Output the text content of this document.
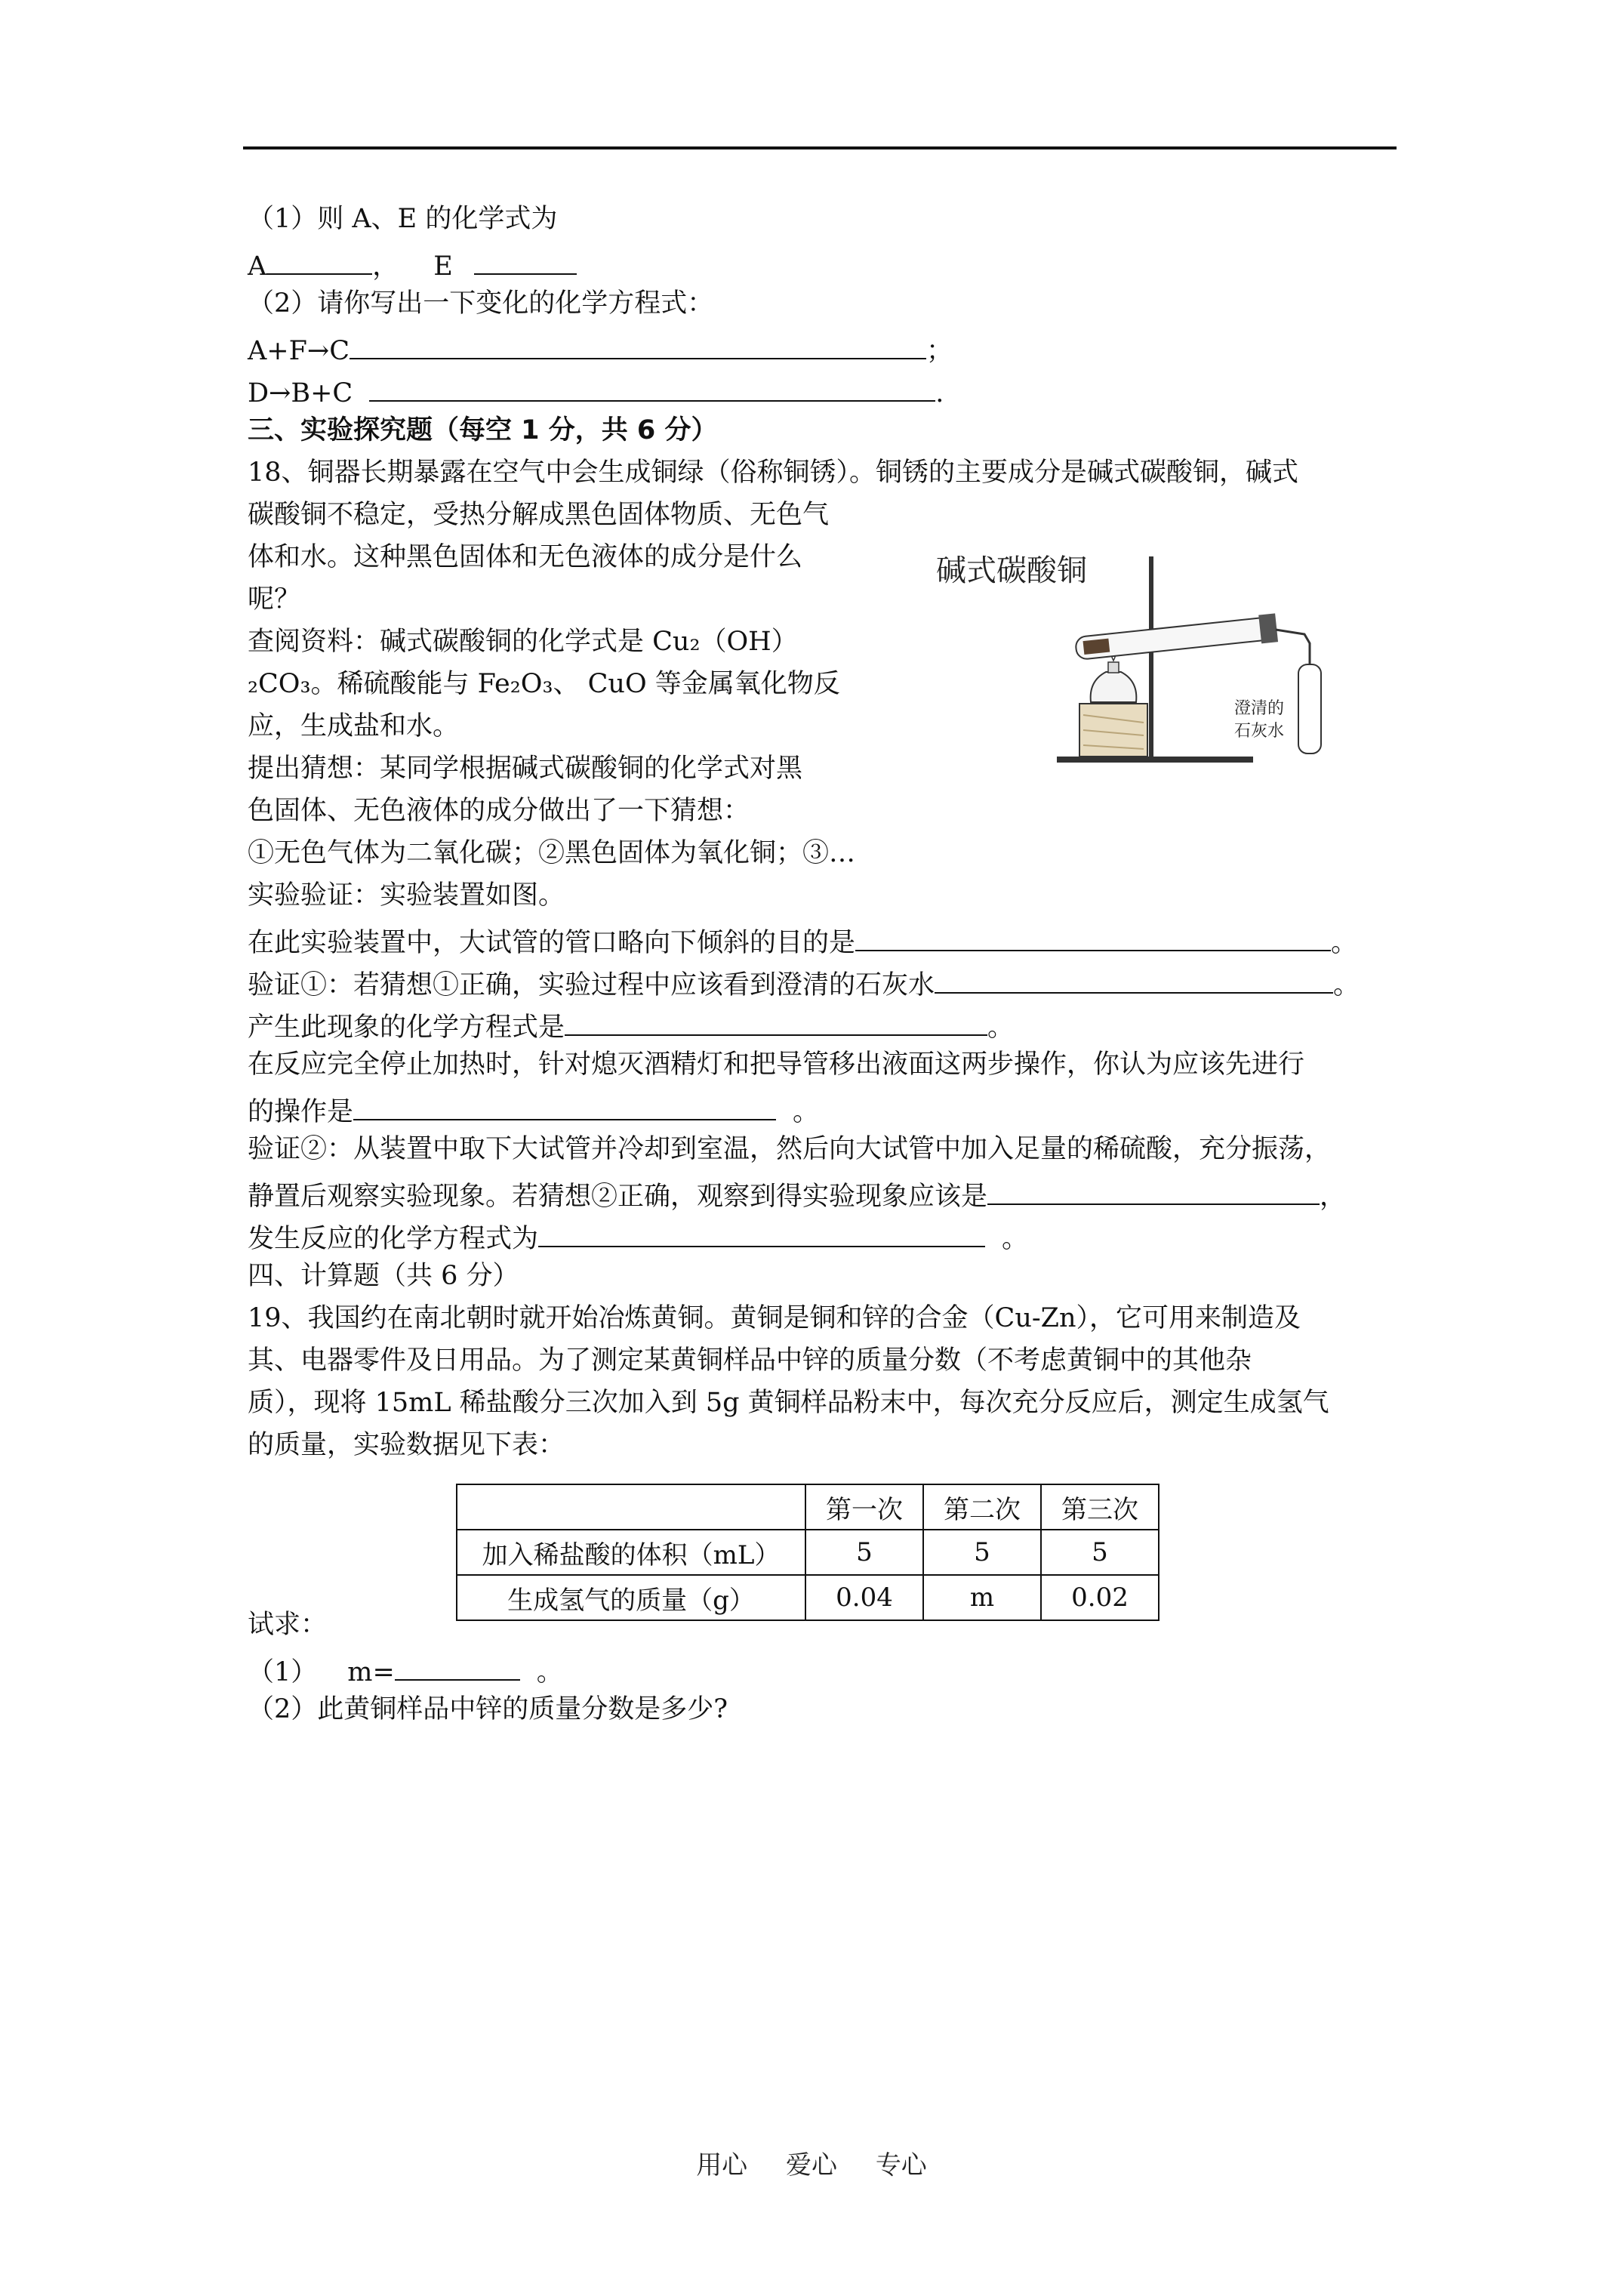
（1）则 A、E 的化学式为
A	， E
（2）请你写出一下变化的化学方程式：
A+F→C	；
D→B+C	.
三、实验探究题（每空 1 分，共 6 分）
18、铜器长期暴露在空气中会生成铜绿（俗称铜锈）。铜锈的主要成分是碱式碳酸铜，碱式
碳酸铜不稳定，受热分解成黑色固体物质、无色气
体和水。这种黑色固体和无色液体的成分是什么
呢？
查阅资料：碱式碳酸铜的化学式是 Cu₂（OH）
₂CO₃。稀硫酸能与 Fe₂O₃、 CuO 等金属氧化物反
应，生成盐和水。
提出猜想：某同学根据碱式碳酸铜的化学式对黑
色固体、无色液体的成分做出了一下猜想：
①无色气体为二氧化碳；②黑色固体为氧化铜；③…
实验验证：实验装置如图。
在此实验装置中，大试管的管口略向下倾斜的目的是	。
验证①：若猜想①正确，实验过程中应该看到澄清的石灰水	。
产生此现象的化学方程式是	。
在反应完全停止加热时，针对熄灭酒精灯和把导管移出液面这两步操作，你认为应该先进行
的操作是	。
验证②：从装置中取下大试管并冷却到室温，然后向大试管中加入足量的稀硫酸，充分振荡，
静置后观察实验现象。若猜想②正确，观察到得实验现象应该是	，
发生反应的化学方程式为	。
四、计算题（共 6 分）
19、我国约在南北朝时就开始冶炼黄铜。黄铜是铜和锌的合金（Cu-Zn），它可用来制造及
其、电器零件及日用品。为了测定某黄铜样品中锌的质量分数（不考虑黄铜中的其他杂
质），现将 15mL 稀盐酸分三次加入到 5g 黄铜样品粉末中，每次充分反应后，测定生成氢气
的质量，实验数据见下表：
试求：
（1） m=	。
（2）此黄铜样品中锌的质量分数是多少?
碱式碳酸铜
澄清的
石灰水
	第一次	第二次	第三次
加入稀盐酸的体积（mL）	5	5	5
生成氢气的质量（g）	0.04	m	0.02
用心 爱心 专心
